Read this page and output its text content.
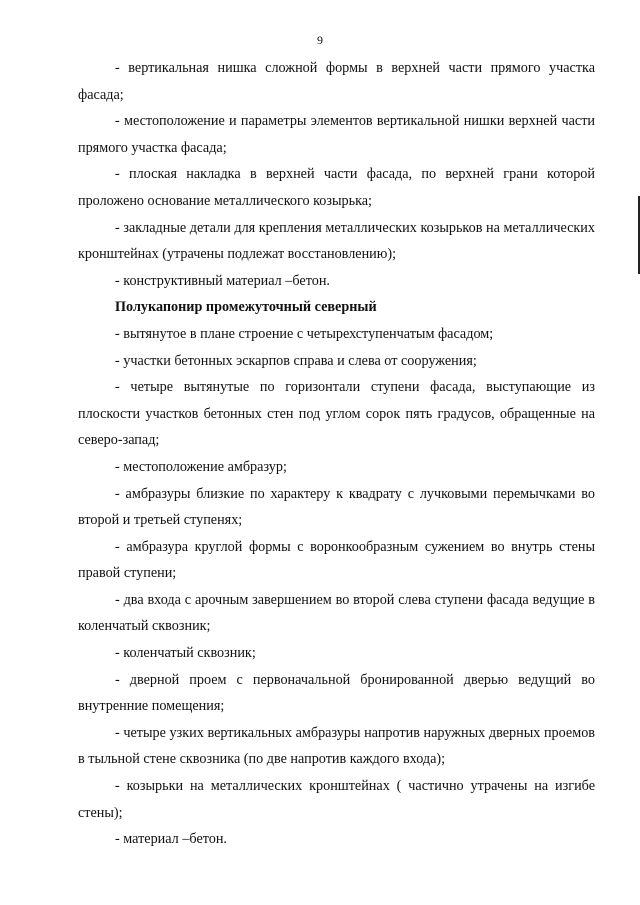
9

- вертикальная нишка сложной формы в верхней части прямого участка фасада;

- местоположение и параметры элементов вертикальной нишки верхней части прямого участка фасада;

- плоская накладка в верхней части фасада, по верхней грани которой проложено основание металлического козырька;

- закладные детали для крепления металлических козырьков на металлических кронштейнах (утрачены подлежат восстановлению);

- конструктивный материал –бетон.

Полукапонир промежуточный северный

- вытянутое в плане строение с четырехступенчатым фасадом;

- участки бетонных эскарпов справа и слева от сооружения;

- четыре вытянутые по горизонтали ступени фасада, выступающие из плоскости участков бетонных стен под углом сорок пять градусов, обращенные на северо-запад;

- местоположение амбразур;

- амбразуры близкие по характеру к квадрату с лучковыми перемычками во второй и третьей ступенях;

- амбразура круглой формы с воронкообразным сужением во внутрь стены правой ступени;

- два входа с арочным завершением во второй слева ступени фасада ведущие в коленчатый сквозник;

- коленчатый сквозник;

- дверной проем с первоначальной бронированной дверью ведущий во внутренние помещения;

- четыре узких вертикальных амбразуры напротив наружных дверных проемов в тыльной стене сквозника (по две напротив каждого входа);

- козырьки на металлических кронштейнах ( частично утрачены на изгибе стены);

- материал –бетон.
